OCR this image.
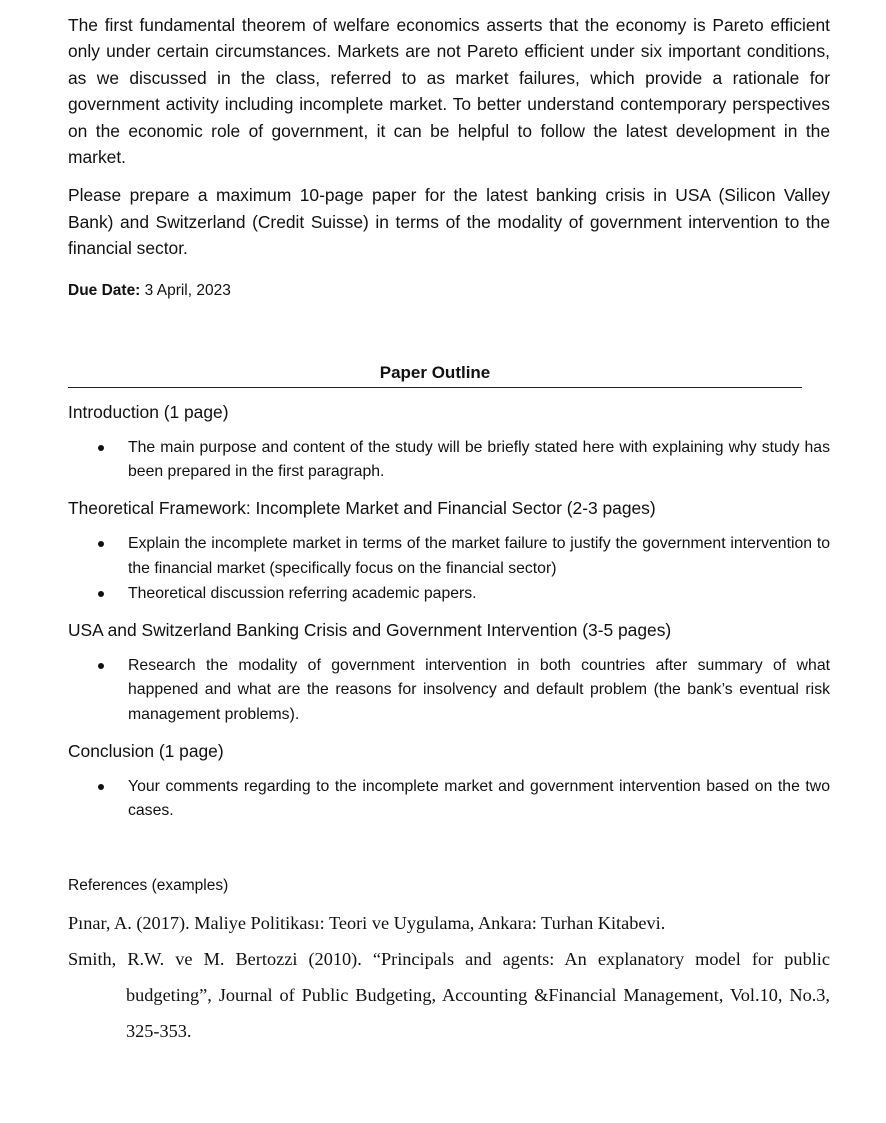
The first fundamental theorem of welfare economics asserts that the economy is Pareto efficient only under certain circumstances. Markets are not Pareto efficient under six important conditions, as we discussed in the class, referred to as market failures, which provide a rationale for government activity including incomplete market. To better understand contemporary perspectives on the economic role of government, it can be helpful to follow the latest development in the market.

Please prepare a maximum 10-page paper for the latest banking crisis in USA (Silicon Valley Bank) and Switzerland (Credit Suisse) in terms of the modality of government intervention to the financial sector.

Due Date: 3 April, 2023
Paper Outline

Introduction (1 page)

The main purpose and content of the study will be briefly stated here with explaining why study has been prepared in the first paragraph.

Theoretical Framework: Incomplete Market and Financial Sector (2-3 pages)

Explain the incomplete market in terms of the market failure to justify the government intervention to the financial market (specifically focus on the financial sector)
Theoretical discussion referring academic papers.

USA and Switzerland Banking Crisis and Government Intervention (3-5 pages)

Research the modality of government intervention in both countries after summary of what happened and what are the reasons for insolvency and default problem (the bank’s eventual risk management problems).

Conclusion (1 page)

Your comments regarding to the incomplete market and government intervention based on the two cases.
References (examples)

Pınar, A. (2017). Maliye Politikası: Teori ve Uygulama, Ankara: Turhan Kitabevi.

Smith, R.W. ve M. Bertozzi (2010). “Principals and agents: An explanatory model for public budgeting”, Journal of Public Budgeting, Accounting &Financial Management, Vol.10, No.3, 325-353.
